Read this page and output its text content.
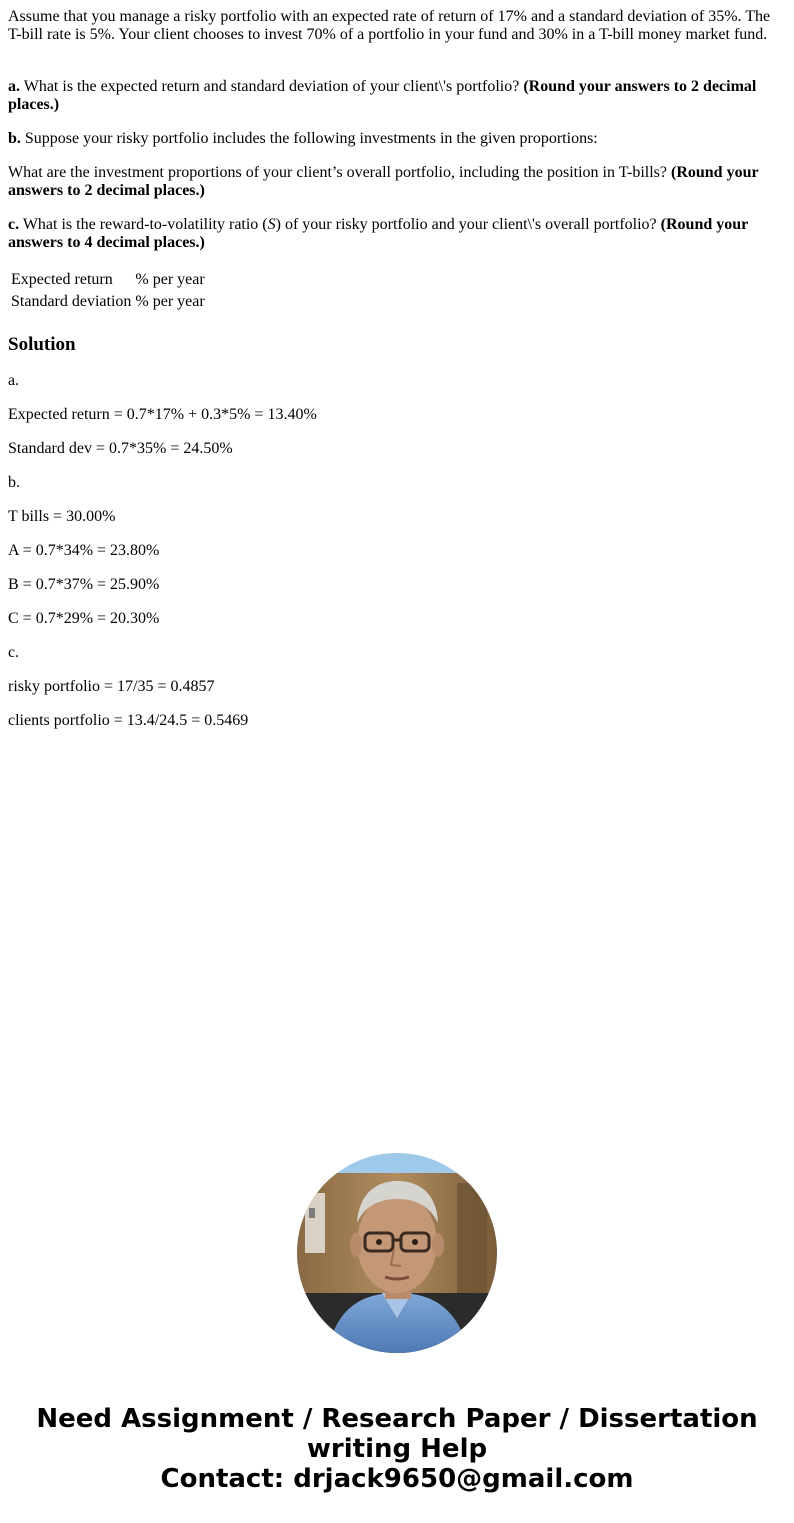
Assume that you manage a risky portfolio with an expected rate of return of 17% and a standard deviation of 35%. The T-bill rate is 5%. Your client chooses to invest 70% of a portfolio in your fund and 30% in a T-bill money market fund.

a. What is the expected return and standard deviation of your client\'s portfolio? (Round your answers to 2 decimal places.)

b. Suppose your risky portfolio includes the following investments in the given proportions:

What are the investment proportions of your client’s overall portfolio, including the position in T-bills? (Round your answers to 2 decimal places.)

c. What is the reward-to-volatility ratio (S) of your risky portfolio and your client\'s overall portfolio? (Round your answers to 4 decimal places.)

Expected return	% per year
Standard deviation	% per year
Solution

a.

Expected return = 0.7*17% + 0.3*5% = 13.40%

Standard dev = 0.7*35% = 24.50%

b.

T bills = 30.00%

A = 0.7*34% = 23.80%

B = 0.7*37% = 25.90%

C = 0.7*29% = 20.30%

c.

risky portfolio = 17/35 = 0.4857

clients portfolio = 13.4/24.5 = 0.5469

Need Assignment / Research Paper / Dissertation writing Help
Contact: drjack9650@gmail.com
